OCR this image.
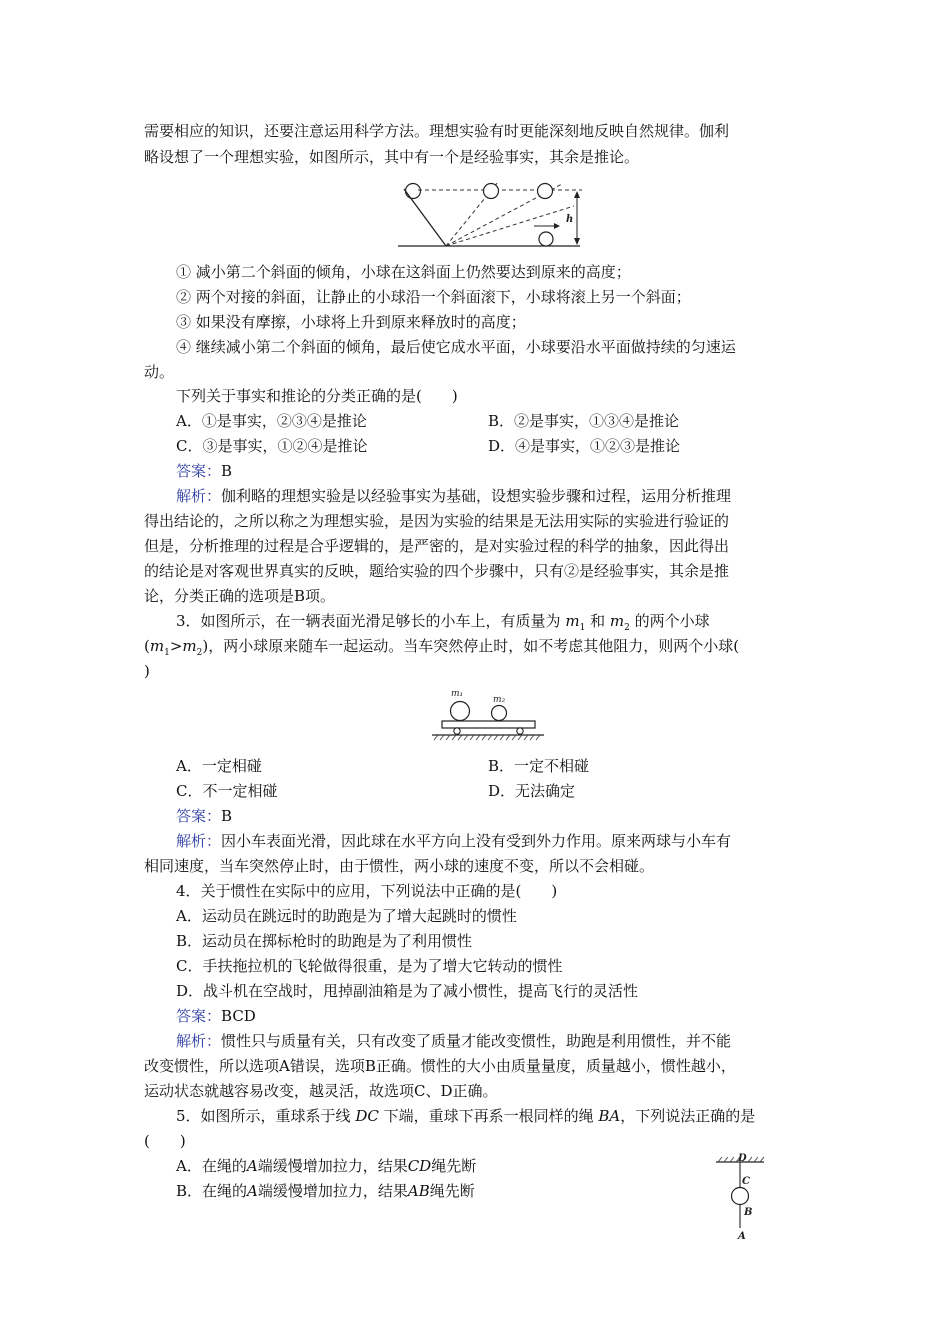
需要相应的知识，还要注意运用科学方法。理想实验有时更能深刻地反映自然规律。伽利
略设想了一个理想实验，如图所示，其中有一个是经验事实，其余是推论。
h
① 减小第二个斜面的倾角，小球在这斜面上仍然要达到原来的高度；
② 两个对接的斜面，让静止的小球沿一个斜面滚下，小球将滚上另一个斜面；
③ 如果没有摩擦，小球将上升到原来释放时的高度；
④ 继续减小第二个斜面的倾角，最后使它成水平面，小球要沿水平面做持续的匀速运
动。
下列关于事实和推论的分类正确的是(　　)
A．①是事实，②③④是推论	B．②是事实，①③④是推论
C．③是事实，①②④是推论	D．④是事实，①②③是推论
答案：B
解析：伽利略的理想实验是以经验事实为基础，设想实验步骤和过程，运用分析推理
得出结论的，之所以称之为理想实验，是因为实验的结果是无法用实际的实验进行验证的
但是，分析推理的过程是合乎逻辑的，是严密的，是对实验过程的科学的抽象，因此得出
的结论是对客观世界真实的反映，题给实验的四个步骤中，只有②是经验事实，其余是推
论，分类正确的选项是B项。
3．如图所示，在一辆表面光滑足够长的小车上，有质量为 $m_1$ 和 $m_2$ 的两个小球
$(m_1>m_2)$，两小球原来随车一起运动。当车突然停止时，如不考虑其他阻力，则两个小球(
)
m₁
m₂
A．一定相碰	B．一定不相碰
C．不一定相碰	D．无法确定
答案：B
解析：因小车表面光滑，因此球在水平方向上没有受到外力作用。原来两球与小车有
相同速度，当车突然停止时，由于惯性，两小球的速度不变，所以不会相碰。
4．关于惯性在实际中的应用，下列说法中正确的是(　　)
A．运动员在跳远时的助跑是为了增大起跳时的惯性
B．运动员在掷标枪时的助跑是为了利用惯性
C．手扶拖拉机的飞轮做得很重，是为了增大它转动的惯性
D．战斗机在空战时，甩掉副油箱是为了减小惯性，提高飞行的灵活性
答案：BCD
解析：惯性只与质量有关，只有改变了质量才能改变惯性，助跑是利用惯性，并不能
改变惯性，所以选项A错误，选项B正确。惯性的大小由质量量度，质量越小，惯性越小，
运动状态就越容易改变，越灵活，故选项C、D正确。
5．如图所示，重球系于线 DC 下端，重球下再系一根同样的绳 BA，下列说法正确的是
(　　)
A．在绳的A端缓慢增加拉力，结果CD绳先断
B．在绳的A端缓慢增加拉力，结果AB绳先断
D
C
B
A
